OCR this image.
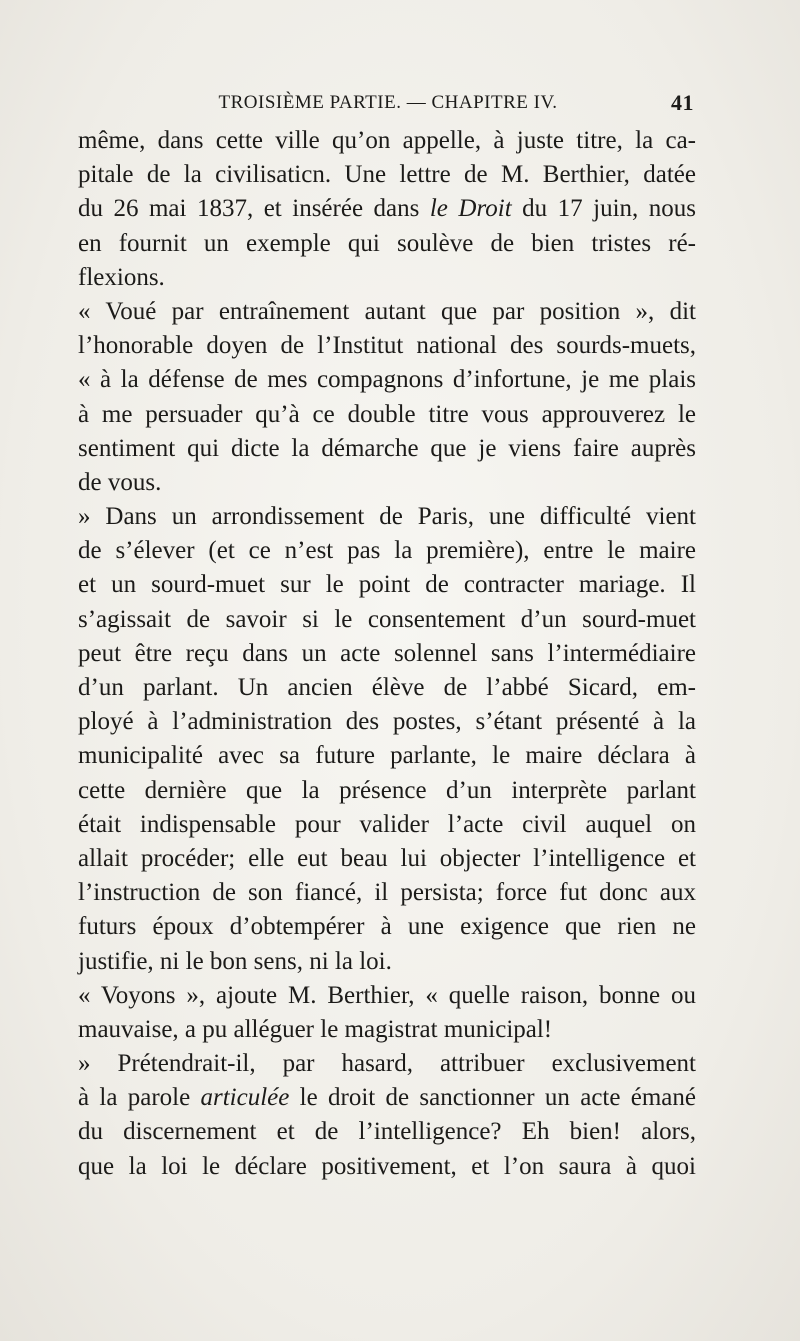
TROISIÈME PARTIE. — CHAPITRE IV.	41
même, dans cette ville qu’on appelle, à juste titre, la ca-
pitale de la civilisaticn. Une lettre de M. Berthier, datée
du 26 mai 1837, et insérée dans le Droit du 17 juin, nous
en fournit un exemple qui soulève de bien tristes ré-
flexions.
« Voué par entraînement autant que par position », dit
l’honorable doyen de l’Institut national des sourds-muets,
« à la défense de mes compagnons d’infortune, je me plais
à me persuader qu’à ce double titre vous approuverez le
sentiment qui dicte la démarche que je viens faire auprès
de vous.
» Dans un arrondissement de Paris, une difficulté vient
de s’élever (et ce n’est pas la première), entre le maire
et un sourd-muet sur le point de contracter mariage. Il
s’agissait de savoir si le consentement d’un sourd-muet
peut être reçu dans un acte solennel sans l’intermédiaire
d’un parlant. Un ancien élève de l’abbé Sicard, em-
ployé à l’administration des postes, s’étant présenté à la
municipalité avec sa future parlante, le maire déclara à
cette dernière que la présence d’un interprète parlant
était indispensable pour valider l’acte civil auquel on
allait procéder; elle eut beau lui objecter l’intelligence et
l’instruction de son fiancé, il persista; force fut donc aux
futurs époux d’obtempérer à une exigence que rien ne
justifie, ni le bon sens, ni la loi.
« Voyons », ajoute M. Berthier, « quelle raison, bonne ou
mauvaise, a pu alléguer le magistrat municipal!
» Prétendrait-il, par hasard, attribuer exclusivement
à la parole articulée le droit de sanctionner un acte émané
du discernement et de l’intelligence? Eh bien! alors,
que la loi le déclare positivement, et l’on saura à quoi
